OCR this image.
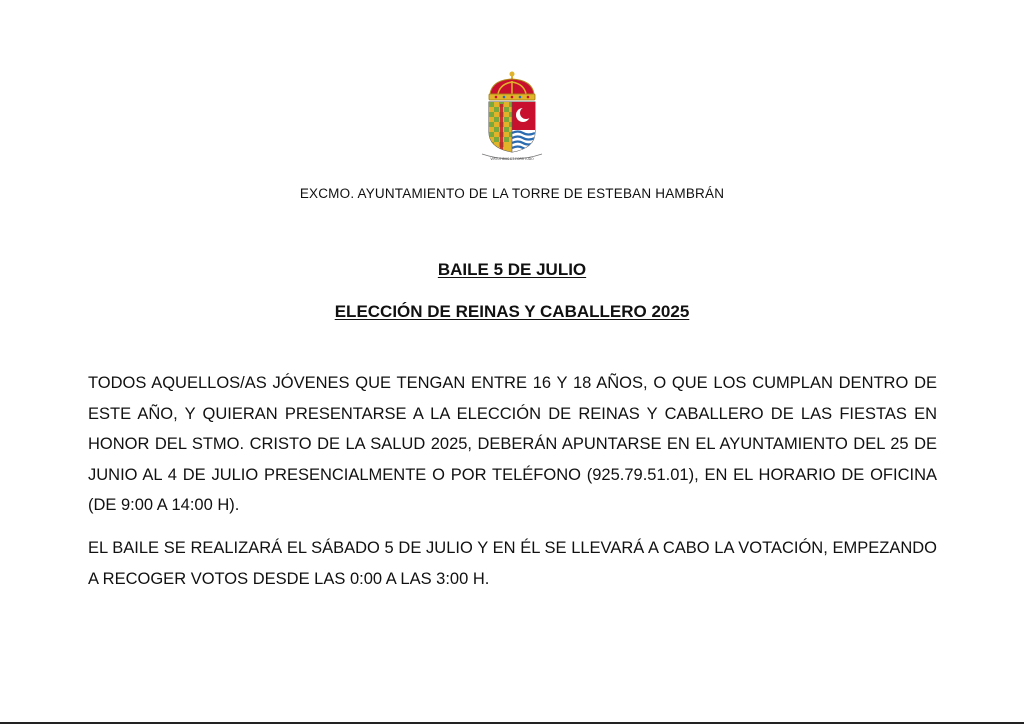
VIRTUTIBUS ET FORTITUDO
EXCMO. AYUNTAMIENTO DE LA TORRE DE ESTEBAN HAMBRÁN
BAILE 5 DE JULIO
ELECCIÓN DE REINAS Y CABALLERO 2025
TODOS AQUELLOS/AS JÓVENES QUE TENGAN ENTRE 16 Y 18 AÑOS, O QUE LOS CUMPLAN DENTRO DE ESTE AÑO, Y QUIERAN PRESENTARSE A LA ELECCIÓN DE REINAS Y CABALLERO DE LAS FIESTAS EN HONOR DEL STMO. CRISTO DE LA SALUD 2025, DEBERÁN APUNTARSE EN EL AYUNTAMIENTO DEL 25 DE JUNIO AL 4 DE JULIO PRESENCIALMENTE O POR TELÉFONO (925.79.51.01), EN EL HORARIO DE OFICINA (DE 9:00 A 14:00 H).
EL BAILE SE REALIZARÁ EL SÁBADO 5 DE JULIO Y EN ÉL SE LLEVARÁ A CABO LA VOTACIÓN, EMPEZANDO A RECOGER VOTOS DESDE LAS 0:00 A LAS 3:00 H.
